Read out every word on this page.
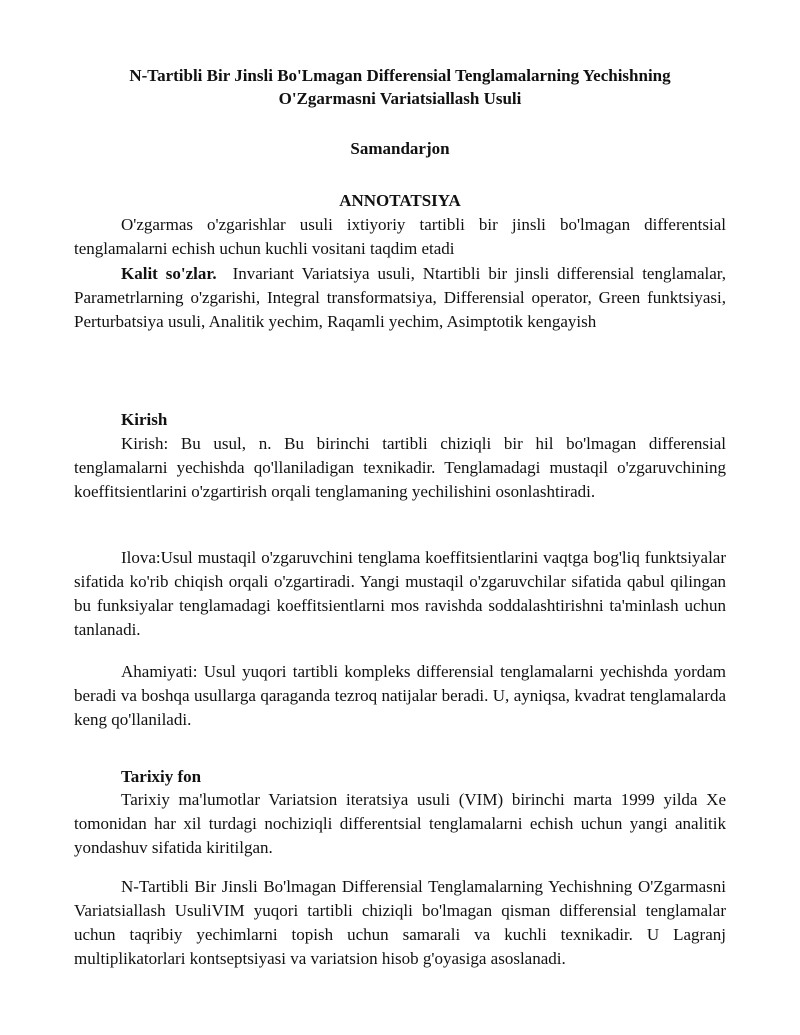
N-Tartibli Bir Jinsli Bo'Lmagan Differensial Tenglamalarning Yechishning
O'Zgarmasni Variatsiallash Usuli
Samandarjon
ANNOTATSIYA

O'zgarmas o'zgarishlar usuli ixtiyoriy tartibli bir jinsli bo'lmagan differentsial tenglamalarni echish uchun kuchli vositani taqdim etadi

Kalit so'zlar. Invariant Variatsiya usuli, Ntartibli bir jinsli differensial tenglamalar, Parametrlarning o'zgarishi, Integral transformatsiya, Differensial operator, Green funktsiyasi, Perturbatsiya usuli, Analitik yechim, Raqamli yechim, Asimptotik kengayish

Kirish

Kirish: Bu usul, n. Bu birinchi tartibli chiziqli bir hil bo'lmagan differensial tenglamalarni yechishda qo'llaniladigan texnikadir. Tenglamadagi mustaqil o'zgaruvchining koeffitsientlarini o'zgartirish orqali tenglamaning yechilishini osonlashtiradi.

Ilova:Usul mustaqil o'zgaruvchini tenglama koeffitsientlarini vaqtga bog'liq funktsiyalar sifatida ko'rib chiqish orqali o'zgartiradi. Yangi mustaqil o'zgaruvchilar sifatida qabul qilingan bu funksiyalar tenglamadagi koeffitsientlarni mos ravishda soddalashtirishni ta'minlash uchun tanlanadi.

Ahamiyati: Usul yuqori tartibli kompleks differensial tenglamalarni yechishda yordam beradi va boshqa usullarga qaraganda tezroq natijalar beradi. U, ayniqsa, kvadrat tenglamalarda keng qo'llaniladi.

Tarixiy fon

Tarixiy ma'lumotlar Variatsion iteratsiya usuli (VIM) birinchi marta 1999 yilda Xe tomonidan har xil turdagi nochiziqli differentsial tenglamalarni echish uchun yangi analitik yondashuv sifatida kiritilgan.

N-Tartibli Bir Jinsli Bo'lmagan Differensial Tenglamalarning Yechishning O'Zgarmasni Variatsiallash UsuliVIM yuqori tartibli chiziqli bo'lmagan qisman differensial tenglamalar uchun taqribiy yechimlarni topish uchun samarali va kuchli texnikadir. U Lagranj multiplikatorlari kontseptsiyasi va variatsion hisob g'oyasiga asoslanadi.
